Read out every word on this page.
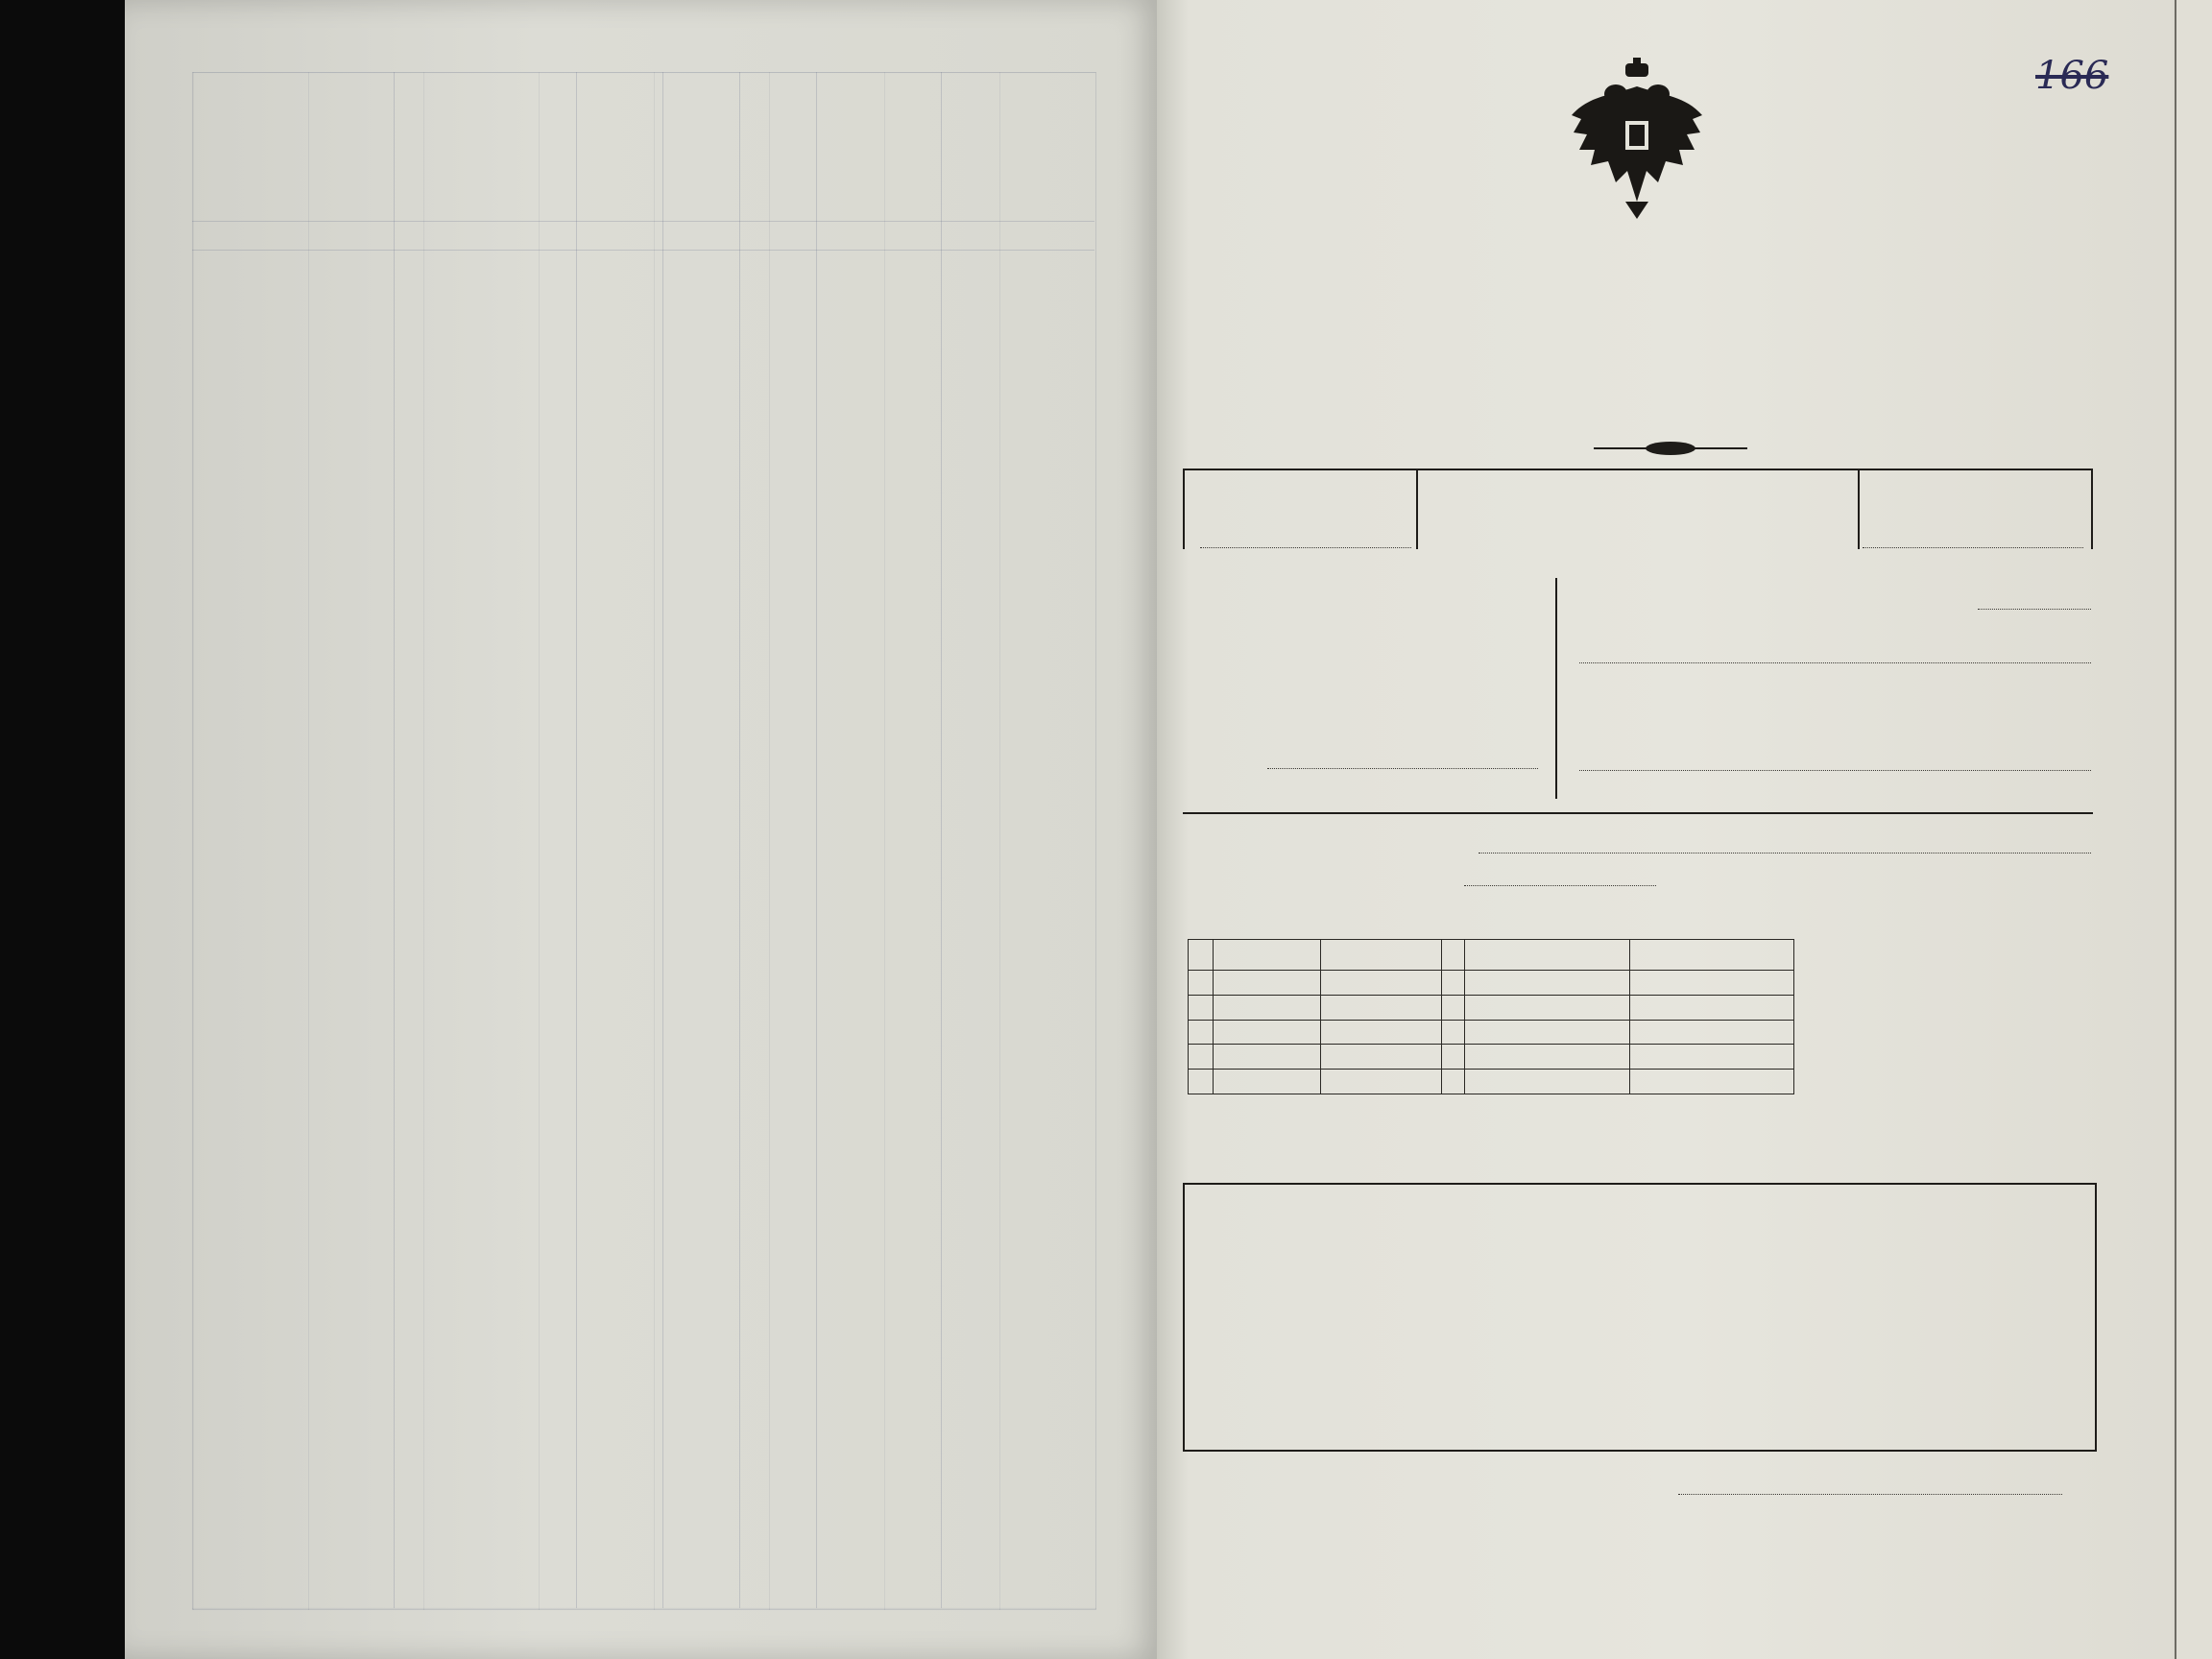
166
